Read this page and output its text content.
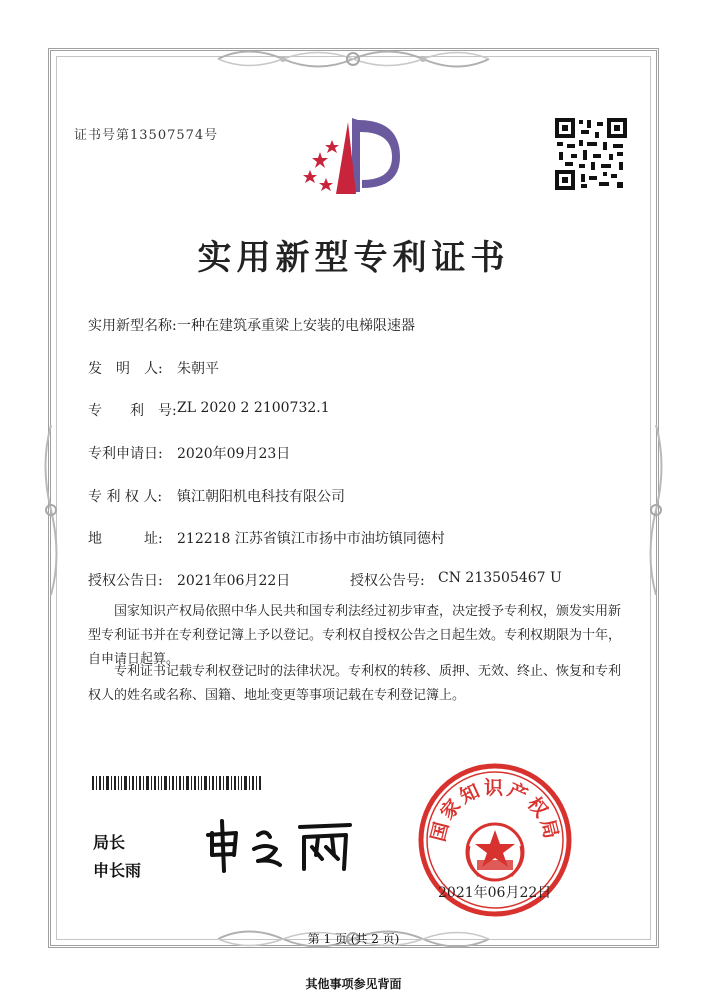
证书号第13507574号
实用新型专利证书
实用新型名称: 一种在建筑承重梁上安装的电梯限速器
发　明　人: 朱朝平
专　　利　号: ZL 2020 2 2100732.1
专利申请日: 2020年09月23日
专 利 权 人: 镇江朝阳机电科技有限公司
地　　　址: 212218 江苏省镇江市扬中市油坊镇同德村
授权公告日: 2021年06月22日	授权公告号: CN 213505467 U
国家知识产权局依照中华人民共和国专利法经过初步审查，决定授予专利权，颁发实用新型专利证书并在专利登记簿上予以登记。专利权自授权公告之日起生效。专利权期限为十年，自申请日起算。
专利证书记载专利权登记时的法律状况。专利权的转移、质押、无效、终止、恢复和专利权人的姓名或名称、国籍、地址变更等事项记载在专利登记簿上。
局长
申长雨
国家知识产权局
2021年06月22日
第 1 页 (共 2 页)
其他事项参见背面
